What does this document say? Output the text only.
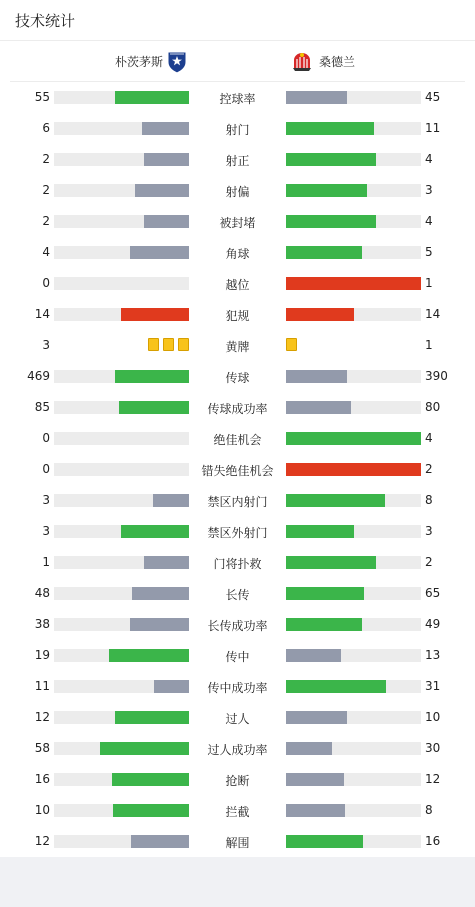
技术统计
朴茨茅斯	桑德兰
55	控球率	45
6	射门	11
2	射正	4
2	射偏	3
2	被封堵	4
4	角球	5
0	越位	1
14	犯规	14
3	黄牌	1
469	传球	390
85	传球成功率	80
0	绝佳机会	4
0	错失绝佳机会	2
3	禁区内射门	8
3	禁区外射门	3
1	门将扑救	2
48	长传	65
38	长传成功率	49
19	传中	13
11	传中成功率	31
12	过人	10
58	过人成功率	30
16	抢断	12
10	拦截	8
12	解围	16
